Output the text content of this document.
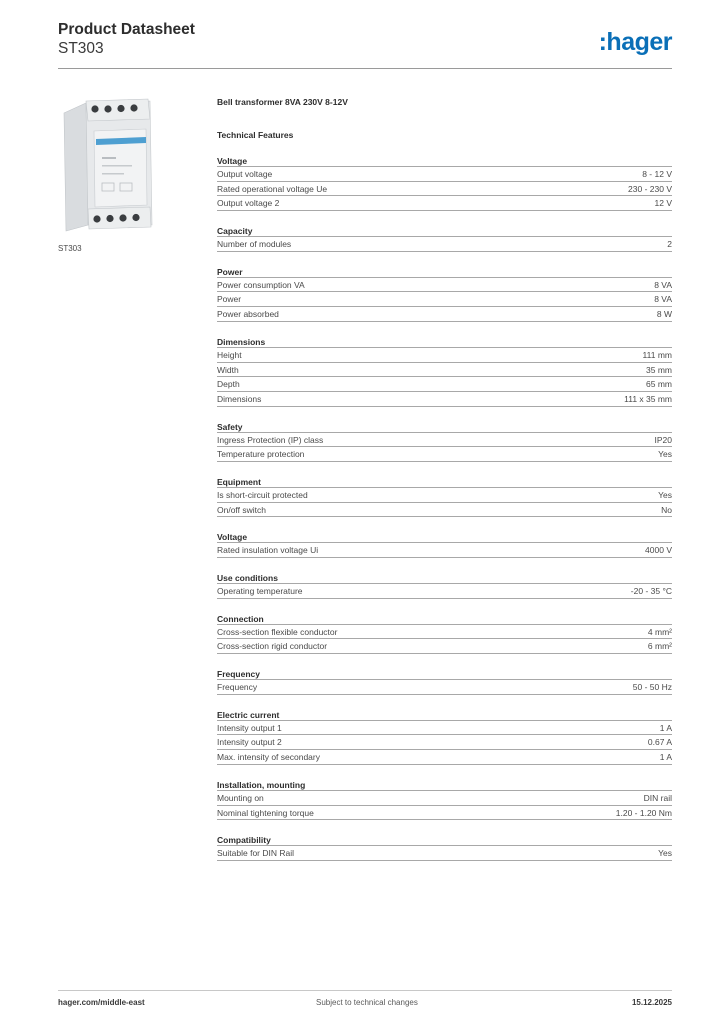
Product Datasheet
ST303	:hager
ST303
Bell transformer 8VA 230V 8-12V
Technical Features
Voltage
Output voltage	8 - 12 V
Rated operational voltage Ue	230 - 230 V
Output voltage 2	12 V
Capacity
Number of modules	2
Power
Power consumption VA	8 VA
Power	8 VA
Power absorbed	8 W
Dimensions
Height	111 mm
Width	35 mm
Depth	65 mm
Dimensions	111 x 35 mm
Safety
Ingress Protection (IP) class	IP20
Temperature protection	Yes
Equipment
Is short-circuit protected	Yes
On/off switch	No
Voltage
Rated insulation voltage Ui	4000 V
Use conditions
Operating temperature	-20 - 35 °C
Connection
Cross-section flexible conductor	4 mm²
Cross-section rigid conductor	6 mm²
Frequency
Frequency	50 - 50 Hz
Electric current
Intensity output 1	1 A
Intensity output 2	0.67 A
Max. intensity of secondary	1 A
Installation, mounting
Mounting on	DIN rail
Nominal tightening torque	1.20 - 1.20 Nm
Compatibility
Suitable for DIN Rail	Yes
hager.com/middle-east	Subject to technical changes	15.12.2025
